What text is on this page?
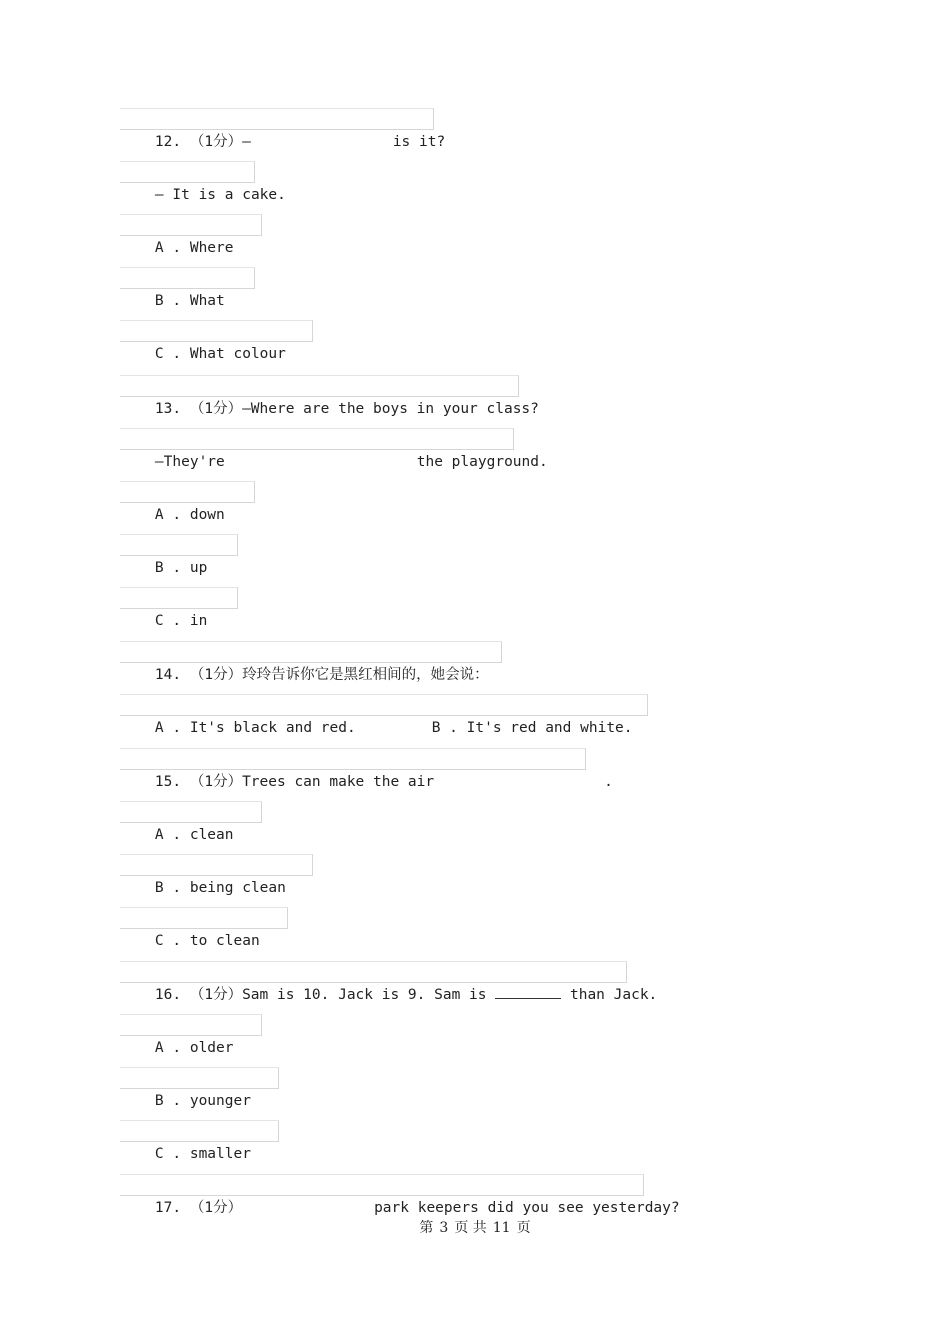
12. （1分）—	is it?

— It is a cake.

A . Where

B . What

C . What colour

13. （1分）—Where are the boys in your class?

—They're	the playground.

A . down

B . up

C . in

14. （1分）玲玲告诉你它是黑红相间的，她会说：

A . It's black and red.	B . It's red and white.

15. （1分）Trees can make the air	.

A . clean

B . being clean

C . to clean

16. （1分）Sam is 10. Jack is 9. Sam is	than Jack.

A . older

B . younger

C . smaller

17. （1分）	park keepers did you see yesterday?

第 3 页 共 11 页
